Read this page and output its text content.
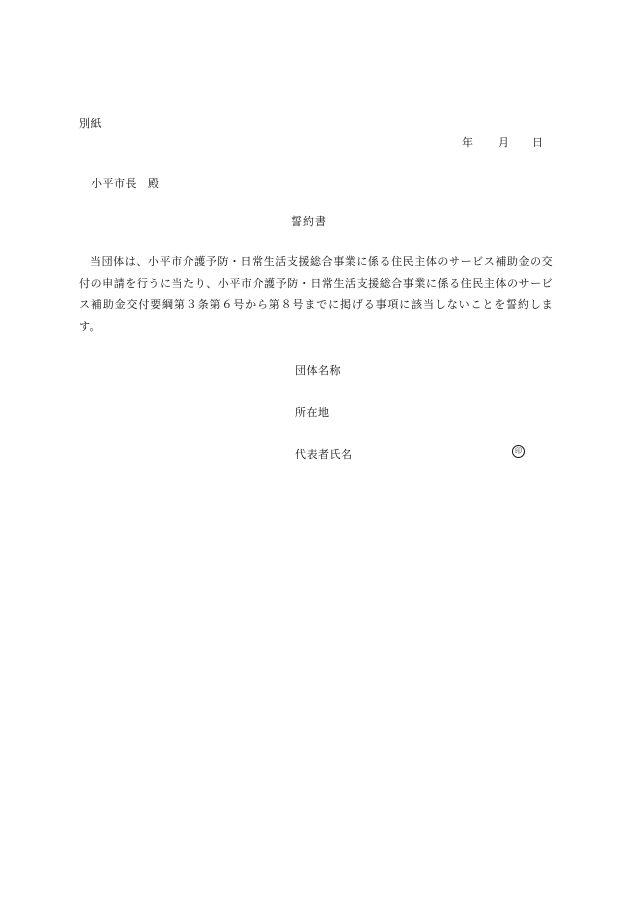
別紙
年	月	日
小平市長 殿
誓約書

当団体は、小平市介護予防・日常生活支援総合事業に係る住民主体のサービス補助金の交付の申請を行うに当たり、小平市介護予防・日常生活支援総合事業に係る住民主体のサービス補助金交付要綱第３条第６号から第８号までに掲げる事項に該当しないことを誓約します。

団体名称
所在地
代表者氏名	印
